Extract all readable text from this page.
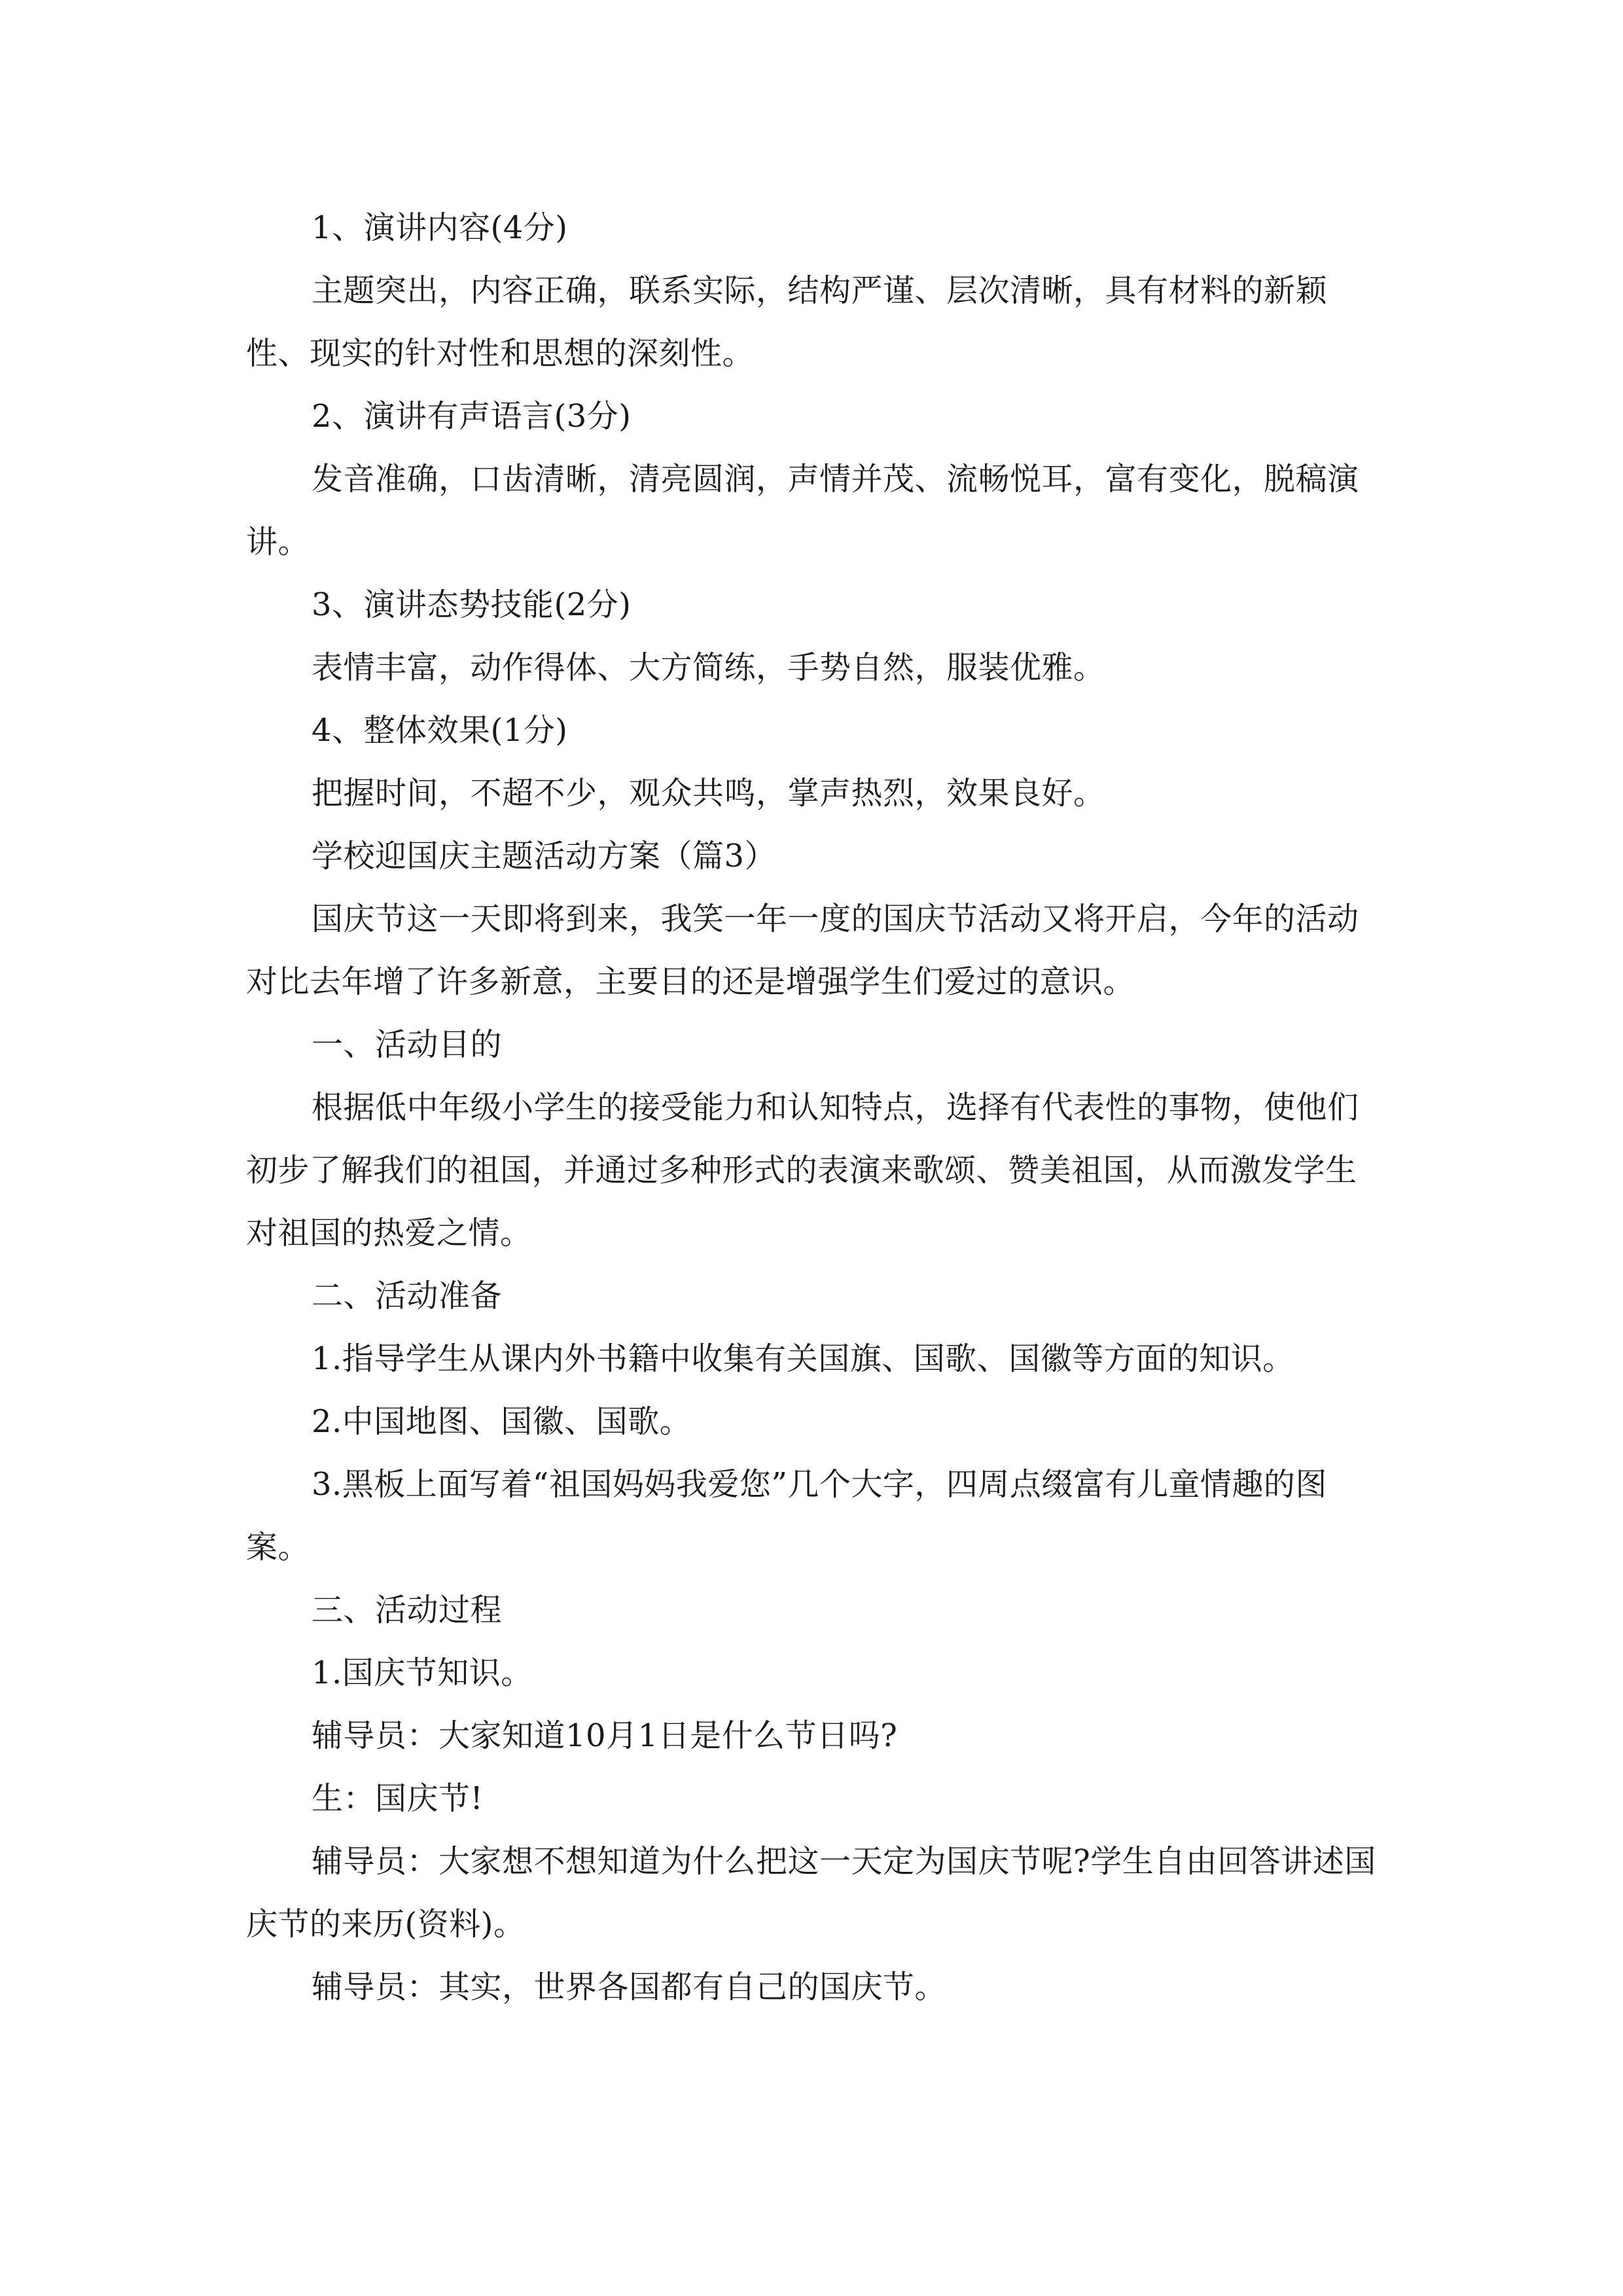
1、演讲内容(4分)

主题突出，内容正确，联系实际，结构严谨、层次清晰，具有材料的新颖性、现实的针对性和思想的深刻性。

2、演讲有声语言(3分)

发音准确，口齿清晰，清亮圆润，声情并茂、流畅悦耳，富有变化，脱稿演讲。

3、演讲态势技能(2分)

表情丰富，动作得体、大方简练，手势自然，服装优雅。

4、整体效果(1分)

把握时间，不超不少，观众共鸣，掌声热烈，效果良好。

学校迎国庆主题活动方案（篇3）

国庆节这一天即将到来，我笑一年一度的国庆节活动又将开启，今年的活动对比去年增了许多新意，主要目的还是增强学生们爱过的意识。

一、活动目的

根据低中年级小学生的接受能力和认知特点，选择有代表性的事物，使他们初步了解我们的祖国，并通过多种形式的表演来歌颂、赞美祖国，从而激发学生对祖国的热爱之情。

二、活动准备

1.指导学生从课内外书籍中收集有关国旗、国歌、国徽等方面的知识。

2.中国地图、国徽、国歌。

3.黑板上面写着“祖国妈妈我爱您”几个大字，四周点缀富有儿童情趣的图案。

三、活动过程

1.国庆节知识。

辅导员：大家知道10月1日是什么节日吗?

生：国庆节!

辅导员：大家想不想知道为什么把这一天定为国庆节呢?学生自由回答讲述国庆节的来历(资料)。

辅导员：其实，世界各国都有自己的国庆节。
